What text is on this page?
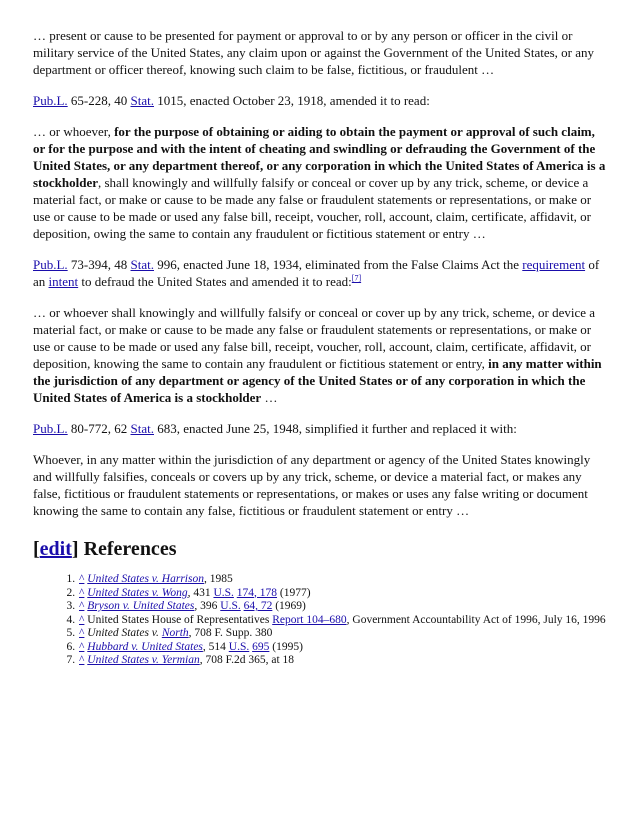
… present or cause to be presented for payment or approval to or by any person or officer in the civil or military service of the United States, any claim upon or against the Government of the United States, or any department or officer thereof, knowing such claim to be false, fictitious, or fraudulent …

Pub.L. 65-228, 40 Stat. 1015, enacted October 23, 1918, amended it to read:

… or whoever, for the purpose of obtaining or aiding to obtain the payment or approval of such claim, or for the purpose and with the intent of cheating and swindling or defrauding the Government of the United States, or any department thereof, or any corporation in which the United States of America is a stockholder, shall knowingly and willfully falsify or conceal or cover up by any trick, scheme, or device a material fact, or make or cause to be made any false or fraudulent statements or representations, or make or use or cause to be made or used any false bill, receipt, voucher, roll, account, claim, certificate, affidavit, or deposition, owing the same to contain any fraudulent or fictitious statement or entry …

Pub.L. 73-394, 48 Stat. 996, enacted June 18, 1934, eliminated from the False Claims Act the requirement of an intent to defraud the United States and amended it to read:[7]

… or whoever shall knowingly and willfully falsify or conceal or cover up by any trick, scheme, or device a material fact, or make or cause to be made any false or fraudulent statements or representations, or make or use or cause to be made or used any false bill, receipt, voucher, roll, account, claim, certificate, affidavit, or deposition, knowing the same to contain any fraudulent or fictitious statement or entry, in any matter within the jurisdiction of any department or agency of the United States or of any corporation in which the United States of America is a stockholder …

Pub.L. 80-772, 62 Stat. 683, enacted June 25, 1948, simplified it further and replaced it with:

Whoever, in any matter within the jurisdiction of any department or agency of the United States knowingly and willfully falsifies, conceals or covers up by any trick, scheme, or device a material fact, or makes any false, fictitious or fraudulent statements or representations, or makes or uses any false writing or document knowing the same to contain any false, fictitious or fraudulent statement or entry …

[edit] References
1. ^ United States v. Harrison, 1985
2. ^ United States v. Wong, 431 U.S. 174, 178 (1977)
3. ^ Bryson v. United States, 396 U.S. 64, 72 (1969)
4. ^ United States House of Representatives Report 104–680, Government Accountability Act of 1996, July 16, 1996
5. ^ United States v. North, 708 F. Supp. 380
6. ^ Hubbard v. United States, 514 U.S. 695 (1995)
7. ^ United States v. Yermian, 708 F.2d 365, at 18
